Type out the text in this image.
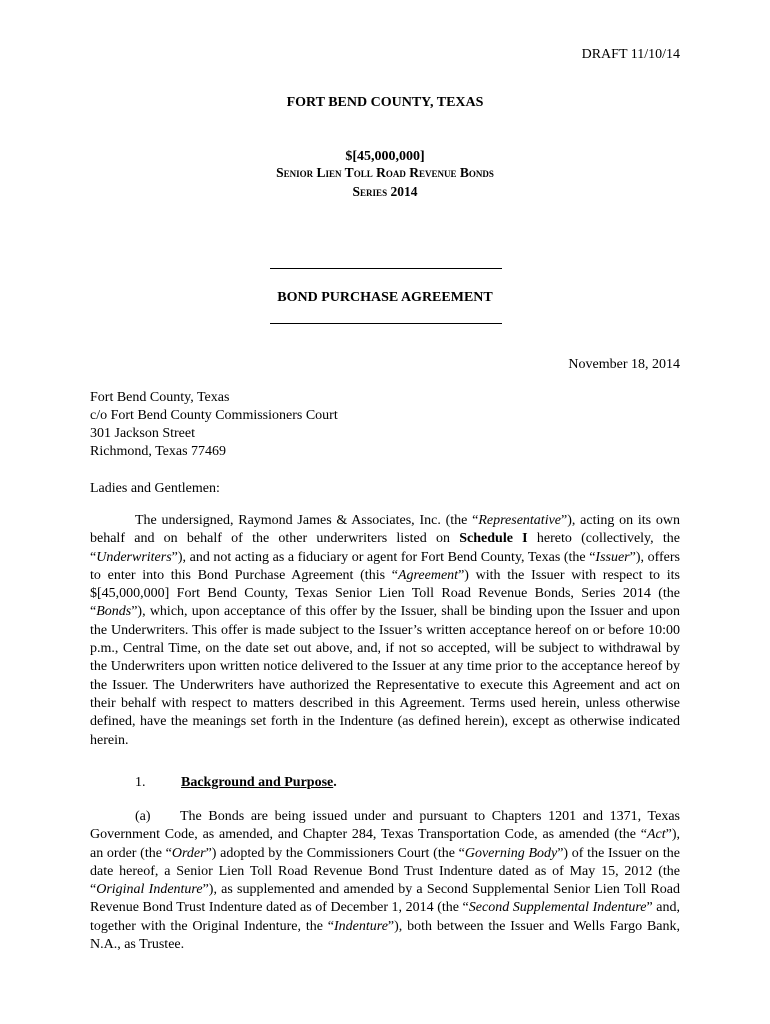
DRAFT 11/10/14
FORT BEND COUNTY, TEXAS
$[45,000,000]
Senior Lien Toll Road Revenue Bonds
Series 2014
BOND PURCHASE AGREEMENT
November 18, 2014
Fort Bend County, Texas
c/o Fort Bend County Commissioners Court
301 Jackson Street
Richmond, Texas 77469
Ladies and Gentlemen:
The undersigned, Raymond James & Associates, Inc. (the “Representative”), acting on its own behalf and on behalf of the other underwriters listed on Schedule I hereto (collectively, the “Underwriters”), and not acting as a fiduciary or agent for Fort Bend County, Texas (the “Issuer”), offers to enter into this Bond Purchase Agreement (this “Agreement”) with the Issuer with respect to its $[45,000,000] Fort Bend County, Texas Senior Lien Toll Road Revenue Bonds, Series 2014 (the “Bonds”), which, upon acceptance of this offer by the Issuer, shall be binding upon the Issuer and upon the Underwriters. This offer is made subject to the Issuer’s written acceptance hereof on or before 10:00 p.m., Central Time, on the date set out above, and, if not so accepted, will be subject to withdrawal by the Underwriters upon written notice delivered to the Issuer at any time prior to the acceptance hereof by the Issuer. The Underwriters have authorized the Representative to execute this Agreement and act on their behalf with respect to matters described in this Agreement. Terms used herein, unless otherwise defined, have the meanings set forth in the Indenture (as defined herein), except as otherwise indicated herein.
1.	Background and Purpose.
(a) The Bonds are being issued under and pursuant to Chapters 1201 and 1371, Texas Government Code, as amended, and Chapter 284, Texas Transportation Code, as amended (the “Act”), an order (the “Order”) adopted by the Commissioners Court (the “Governing Body”) of the Issuer on the date hereof, a Senior Lien Toll Road Revenue Bond Trust Indenture dated as of May 15, 2012 (the “Original Indenture”), as supplemented and amended by a Second Supplemental Senior Lien Toll Road Revenue Bond Trust Indenture dated as of December 1, 2014 (the “Second Supplemental Indenture” and, together with the Original Indenture, the “Indenture”), both between the Issuer and Wells Fargo Bank, N.A., as Trustee.
